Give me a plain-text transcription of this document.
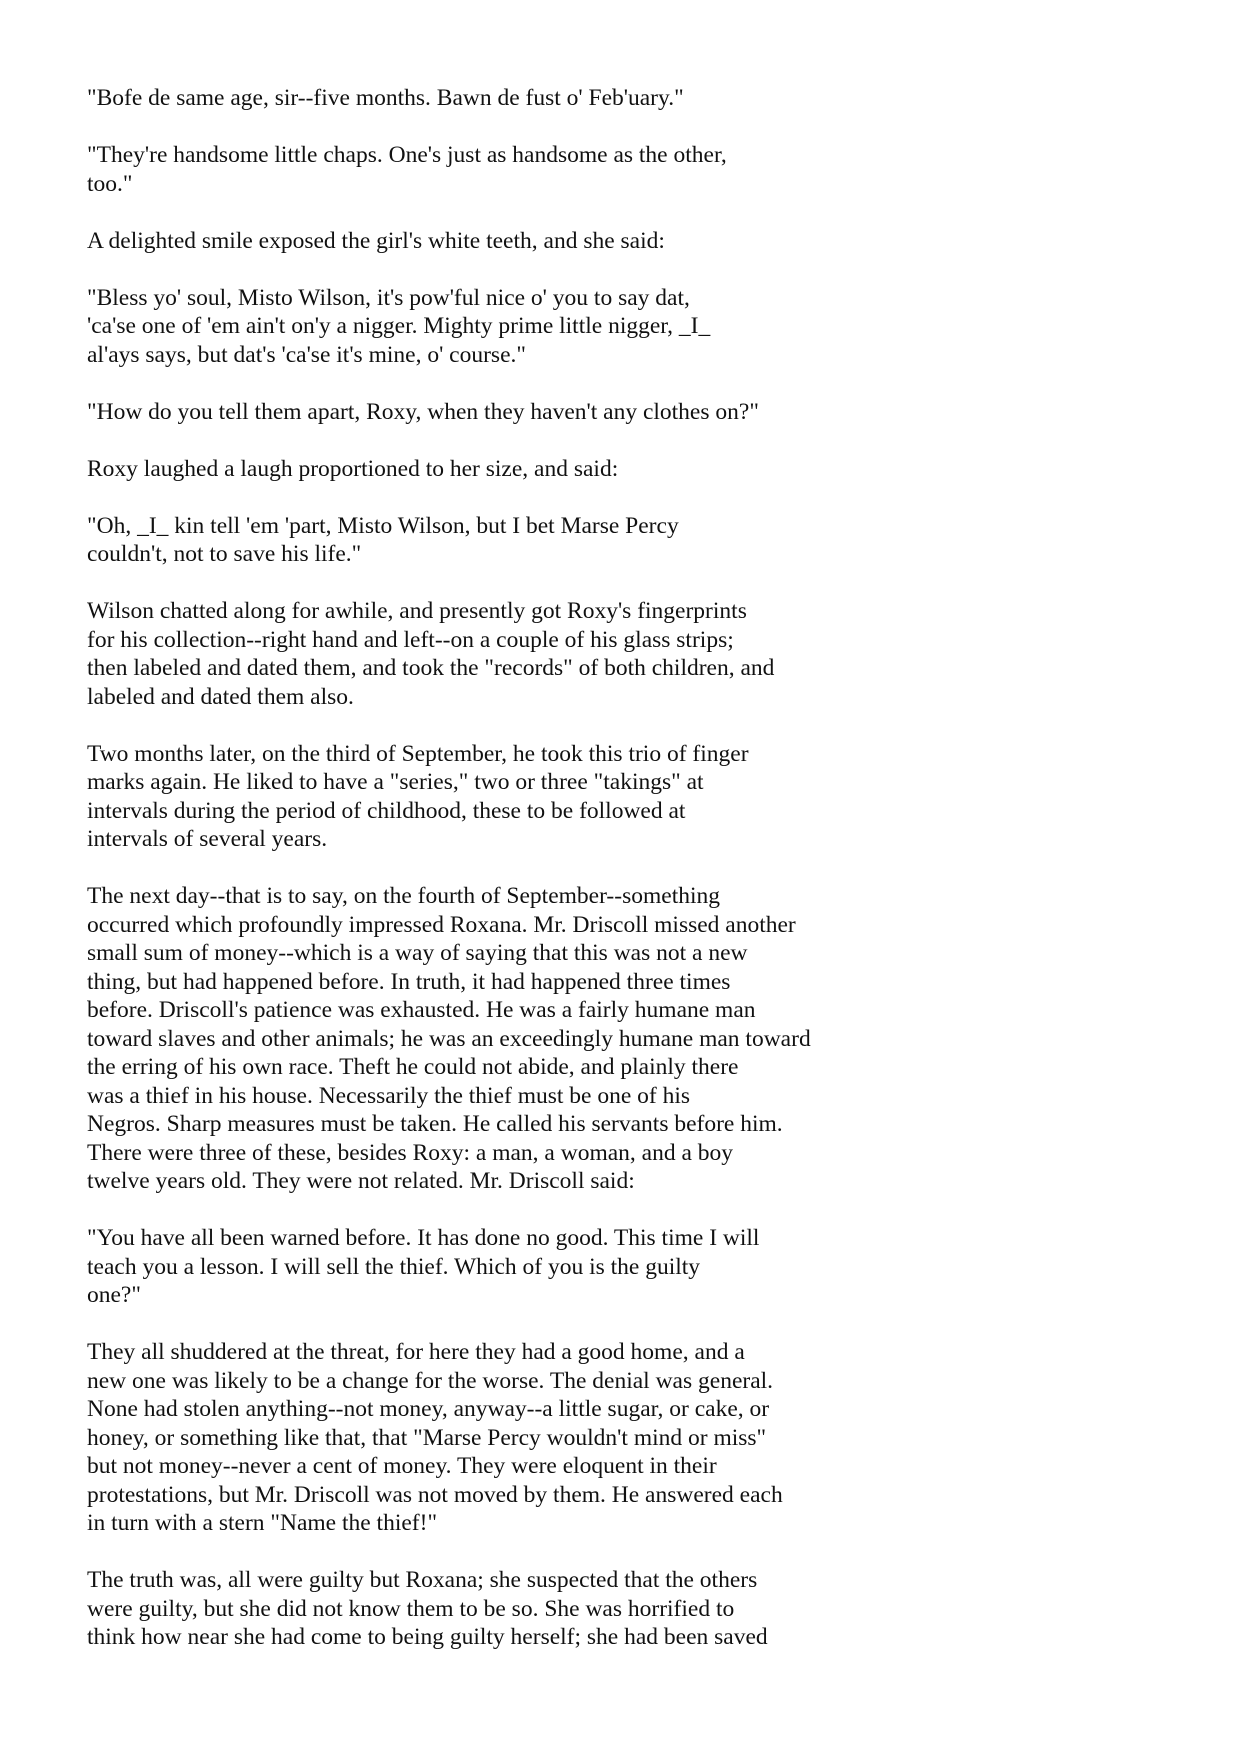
"Bofe de same age, sir--five months. Bawn de fust o' Feb'uary."
"They're handsome little chaps. One's just as handsome as the other,
too."
A delighted smile exposed the girl's white teeth, and she said:
"Bless yo' soul, Misto Wilson, it's pow'ful nice o' you to say dat,
'ca'se one of 'em ain't on'y a nigger. Mighty prime little nigger, _I_
al'ays says, but dat's 'ca'se it's mine, o' course."
"How do you tell them apart, Roxy, when they haven't any clothes on?"
Roxy laughed a laugh proportioned to her size, and said:
"Oh, _I_ kin tell 'em 'part, Misto Wilson, but I bet Marse Percy
couldn't, not to save his life."
Wilson chatted along for awhile, and presently got Roxy's fingerprints
for his collection--right hand and left--on a couple of his glass strips;
then labeled and dated them, and took the "records" of both children, and
labeled and dated them also.
Two months later, on the third of September, he took this trio of finger
marks again. He liked to have a "series," two or three "takings" at
intervals during the period of childhood, these to be followed at
intervals of several years.
The next day--that is to say, on the fourth of September--something
occurred which profoundly impressed Roxana. Mr. Driscoll missed another
small sum of money--which is a way of saying that this was not a new
thing, but had happened before. In truth, it had happened three times
before. Driscoll's patience was exhausted. He was a fairly humane man
toward slaves and other animals; he was an exceedingly humane man toward
the erring of his own race. Theft he could not abide, and plainly there
was a thief in his house. Necessarily the thief must be one of his
Negros. Sharp measures must be taken. He called his servants before him.
There were three of these, besides Roxy: a man, a woman, and a boy
twelve years old. They were not related. Mr. Driscoll said:
"You have all been warned before. It has done no good. This time I will
teach you a lesson. I will sell the thief. Which of you is the guilty
one?"
They all shuddered at the threat, for here they had a good home, and a
new one was likely to be a change for the worse. The denial was general.
None had stolen anything--not money, anyway--a little sugar, or cake, or
honey, or something like that, that "Marse Percy wouldn't mind or miss"
but not money--never a cent of money. They were eloquent in their
protestations, but Mr. Driscoll was not moved by them. He answered each
in turn with a stern "Name the thief!"
The truth was, all were guilty but Roxana; she suspected that the others
were guilty, but she did not know them to be so. She was horrified to
think how near she had come to being guilty herself; she had been saved
